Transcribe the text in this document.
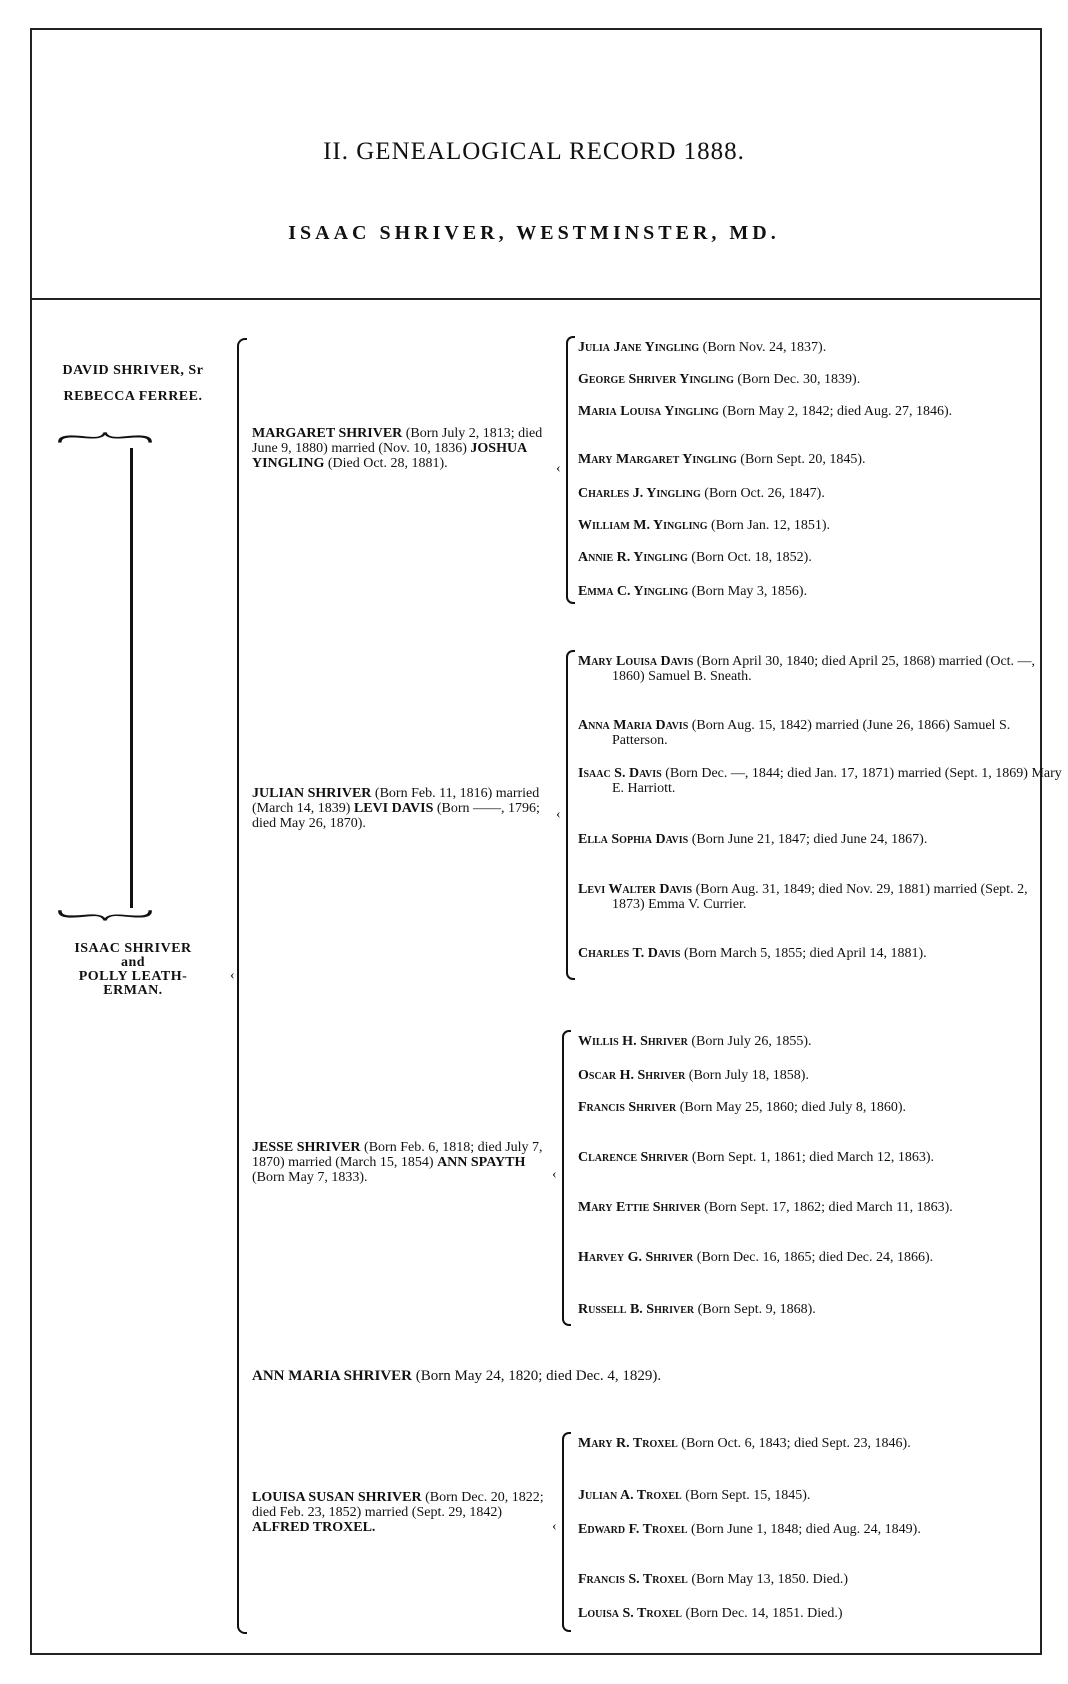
II. GENEALOGICAL RECORD 1888.
ISAAC SHRIVER, WESTMINSTER, MD.
DAVID SHRIVER, Sr
REBECCA FERREE.
︸
︷
ISAAC SHRIVER
and
POLLY LEATH-
ERMAN.
‹
MARGARET SHRIVER (Born July 2, 1813; died June 9, 1880) married (Nov. 10, 1836) JOSHUA YINGLING (Died Oct. 28, 1881).	‹
Julia Jane Yingling (Born Nov. 24, 1837).
George Shriver Yingling (Born Dec. 30, 1839).
Maria Louisa Yingling (Born May 2, 1842; died Aug. 27, 1846).
Mary Margaret Yingling (Born Sept. 20, 1845).
Charles J. Yingling (Born Oct. 26, 1847).
William M. Yingling (Born Jan. 12, 1851).
Annie R. Yingling (Born Oct. 18, 1852).
Emma C. Yingling (Born May 3, 1856).
JULIAN SHRIVER (Born Feb. 11, 1816) married (March 14, 1839) LEVI DAVIS (Born ——, 1796; died May 26, 1870).
‹
Mary Louisa Davis (Born April 30, 1840; died April 25, 1868) married (Oct. —, 1860) Samuel B. Sneath.
Anna Maria Davis (Born Aug. 15, 1842) married (June 26, 1866) Samuel S. Patterson.
Isaac S. Davis (Born Dec. —, 1844; died Jan. 17, 1871) married (Sept. 1, 1869) Mary E. Harriott.
Ella Sophia Davis (Born June 21, 1847; died June 24, 1867).
Levi Walter Davis (Born Aug. 31, 1849; died Nov. 29, 1881) married (Sept. 2, 1873) Emma V. Currier.
Charles T. Davis (Born March 5, 1855; died April 14, 1881).
JESSE SHRIVER (Born Feb. 6, 1818; died July 7, 1870) married (March 15, 1854) ANN SPAYTH (Born May 7, 1833).	‹
Willis H. Shriver (Born July 26, 1855).
Oscar H. Shriver (Born July 18, 1858).
Francis Shriver (Born May 25, 1860; died July 8, 1860).
Clarence Shriver (Born Sept. 1, 1861; died March 12, 1863).
Mary Ettie Shriver (Born Sept. 17, 1862; died March 11, 1863).
Harvey G. Shriver (Born Dec. 16, 1865; died Dec. 24, 1866).
Russell B. Shriver (Born Sept. 9, 1868).
ANN MARIA SHRIVER (Born May 24, 1820; died Dec. 4, 1829).
LOUISA SUSAN SHRIVER (Born Dec. 20, 1822; died Feb. 23, 1852) married (Sept. 29, 1842) ALFRED TROXEL.	‹
Mary R. Troxel (Born Oct. 6, 1843; died Sept. 23, 1846).
Julian A. Troxel (Born Sept. 15, 1845).
Edward F. Troxel (Born June 1, 1848; died Aug. 24, 1849).
Francis S. Troxel (Born May 13, 1850. Died.)
Louisa S. Troxel (Born Dec. 14, 1851. Died.)
